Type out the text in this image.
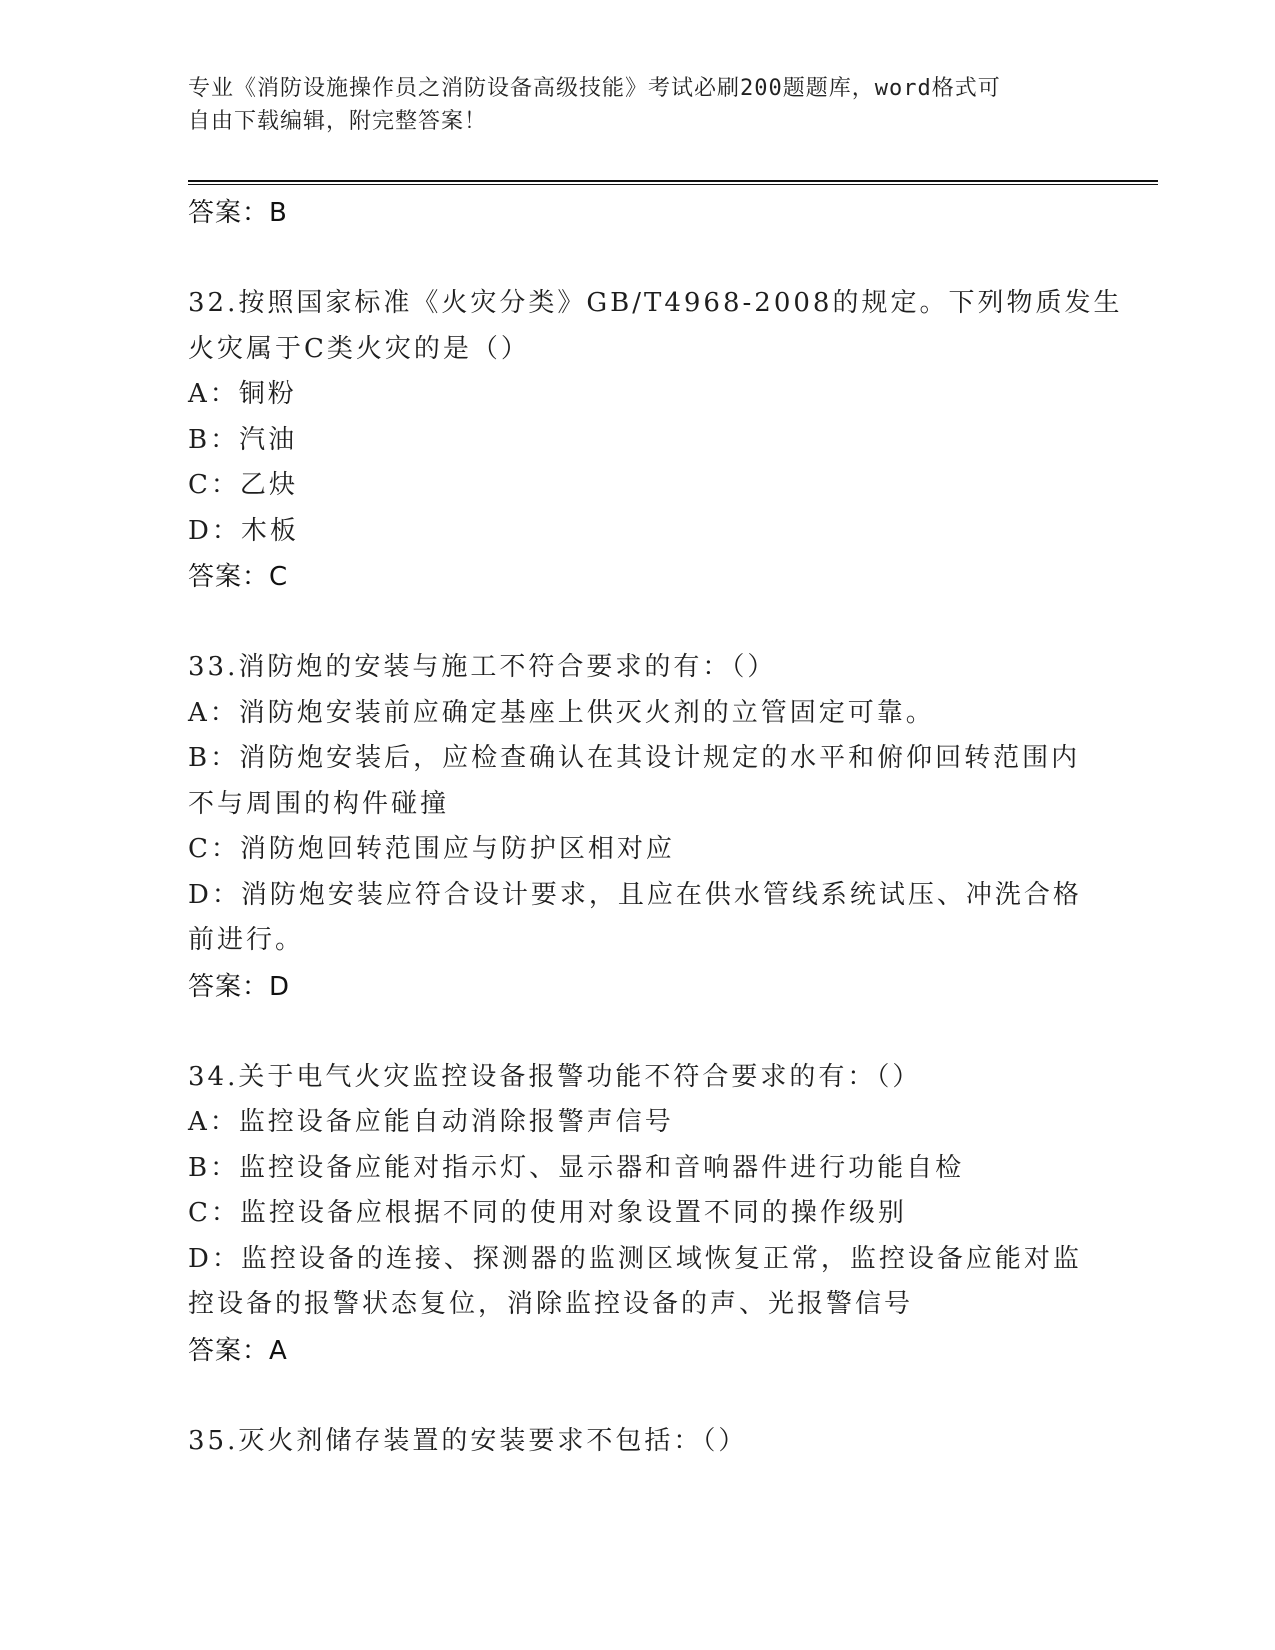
专业《消防设施操作员之消防设备高级技能》考试必刷200题题库，word格式可
自由下载编辑，附完整答案！
答案：B
32.按照国家标准《火灾分类》GB/T4968-2008的规定。下列物质发生
火灾属于C类火灾的是（）
A：铜粉
B：汽油
C：乙炔
D：木板
答案：C
33.消防炮的安装与施工不符合要求的有：（）
A：消防炮安装前应确定基座上供灭火剂的立管固定可靠。
B：消防炮安装后，应检查确认在其设计规定的水平和俯仰回转范围内
不与周围的构件碰撞
C：消防炮回转范围应与防护区相对应
D：消防炮安装应符合设计要求，且应在供水管线系统试压、冲洗合格
前进行。
答案：D
34.关于电气火灾监控设备报警功能不符合要求的有：（）
A：监控设备应能自动消除报警声信号
B：监控设备应能对指示灯、显示器和音响器件进行功能自检
C：监控设备应根据不同的使用对象设置不同的操作级别
D：监控设备的连接、探测器的监测区域恢复正常，监控设备应能对监
控设备的报警状态复位，消除监控设备的声、光报警信号
答案：A
35.灭火剂储存装置的安装要求不包括：（）
